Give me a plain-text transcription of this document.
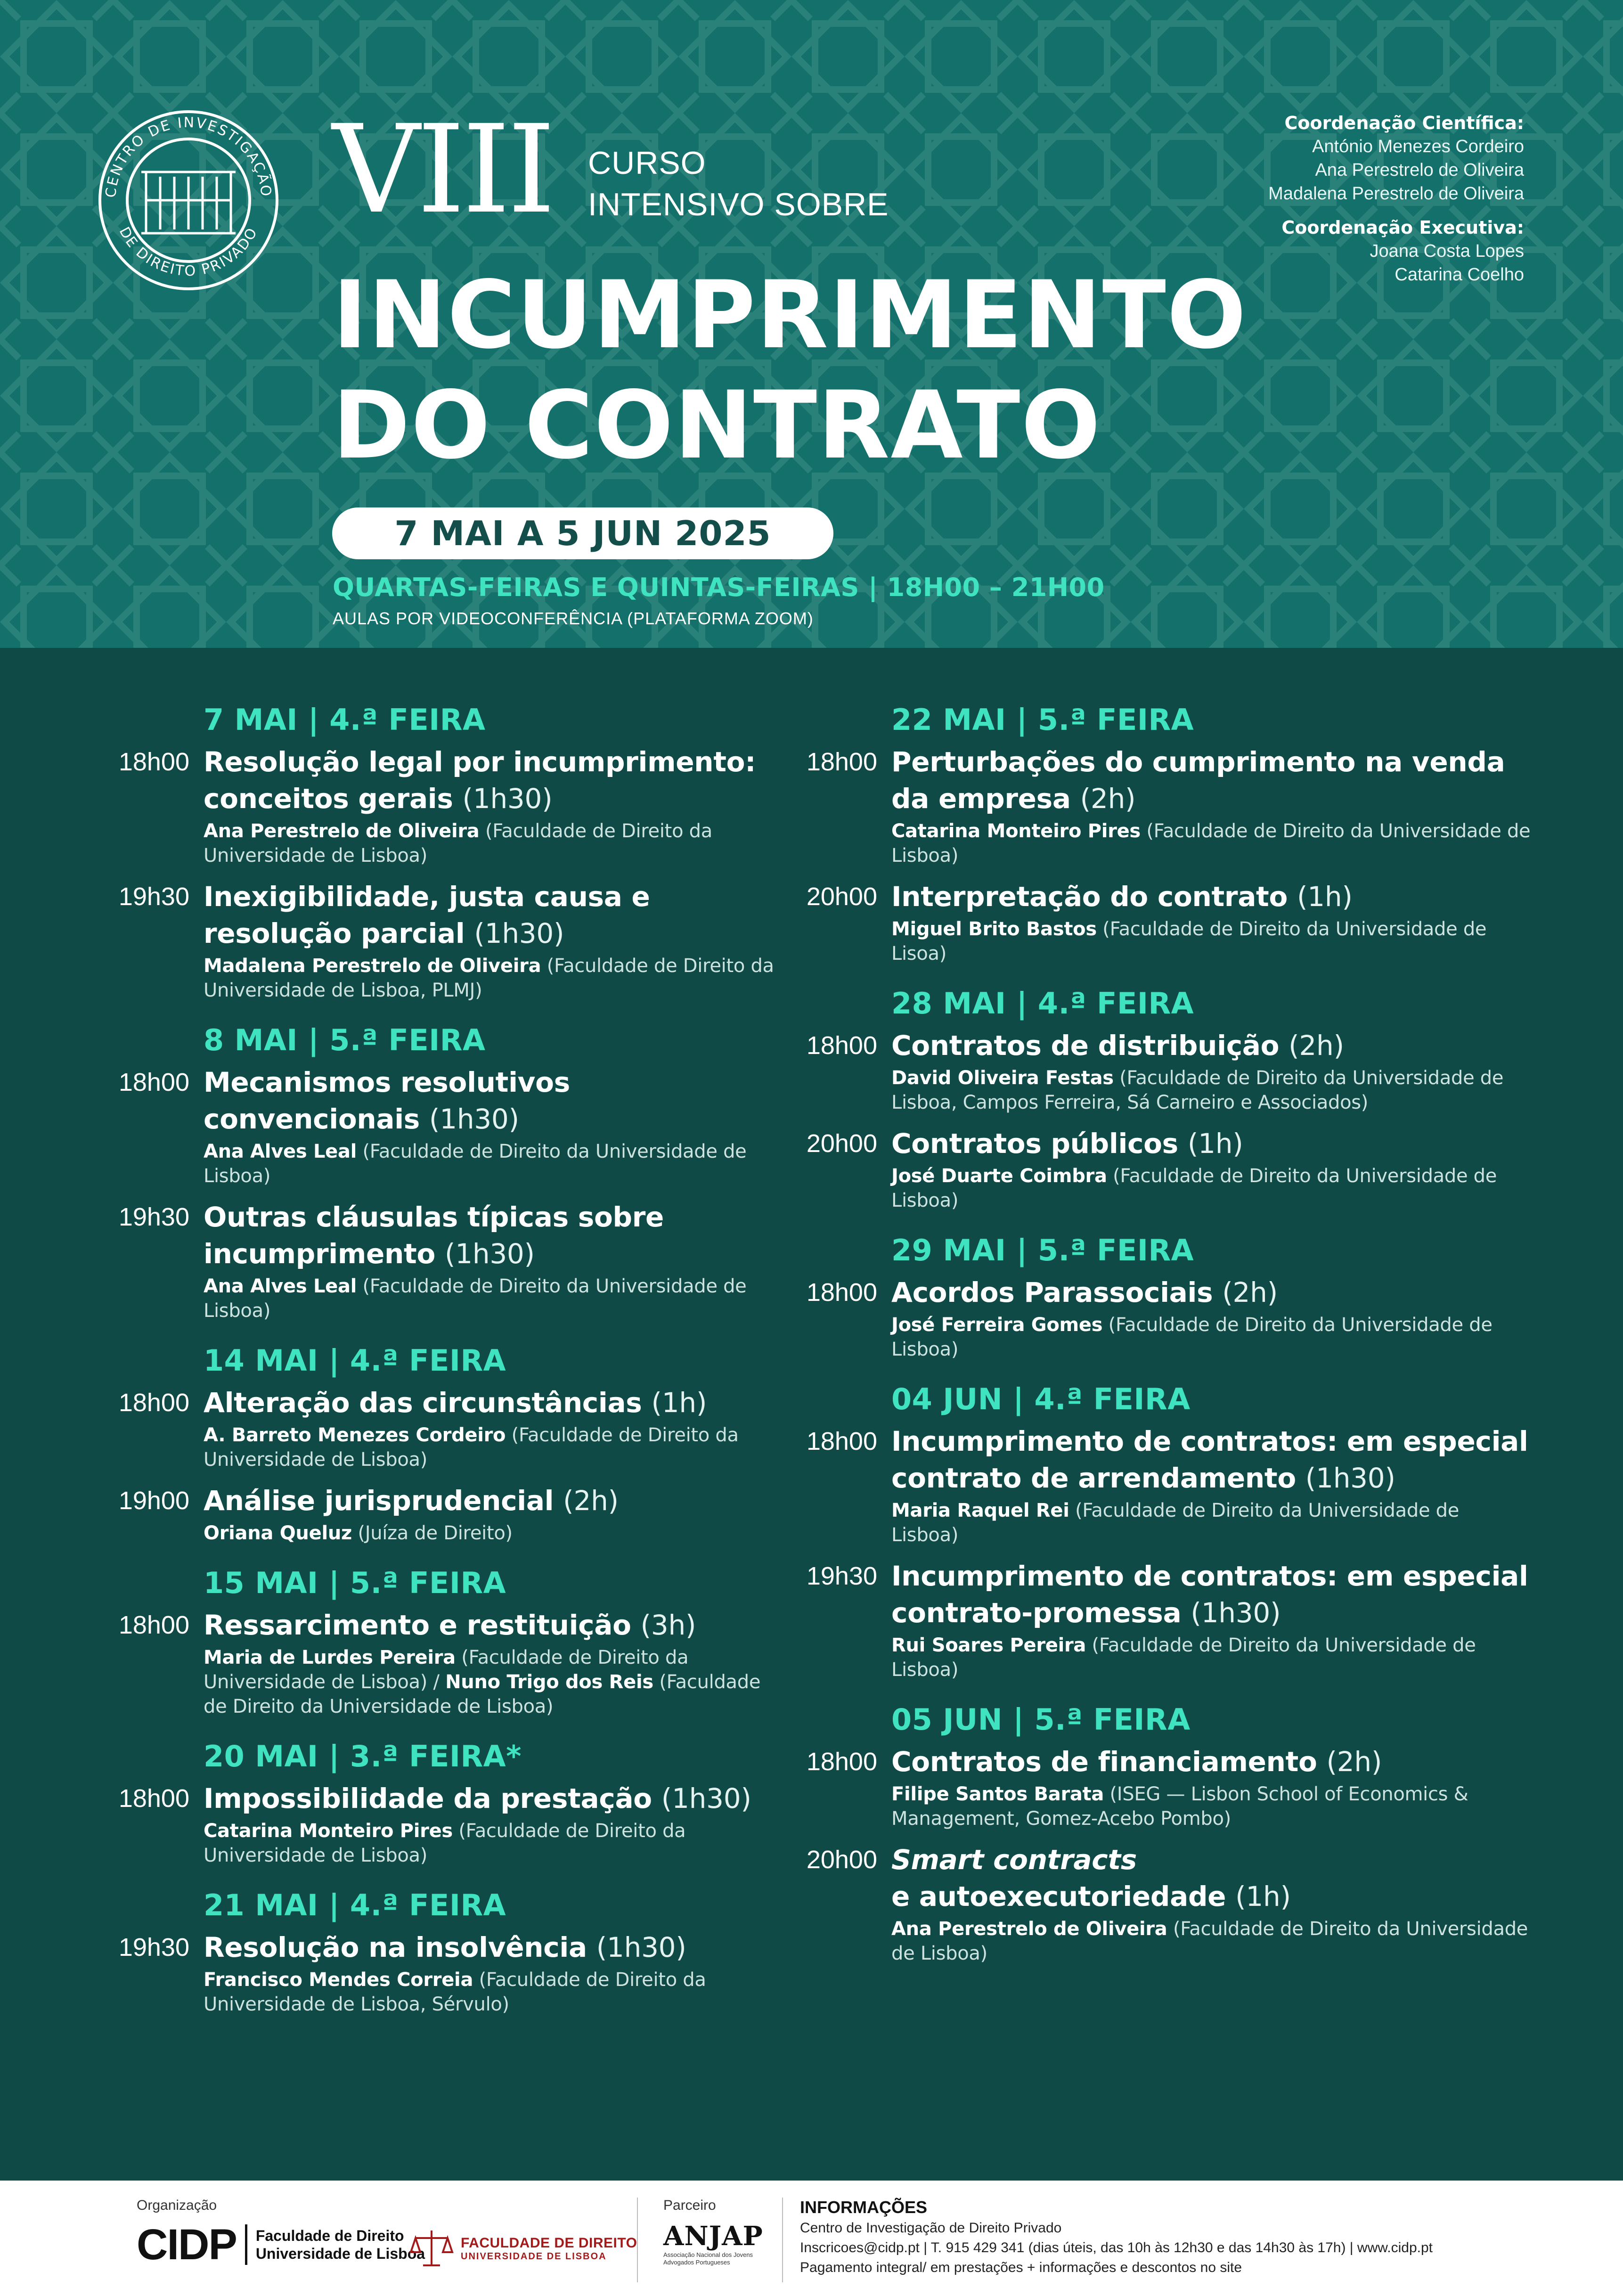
CENTRO DE INVESTIGAÇÃO
DE DIREITO PRIVADO VIII CURSO
INTENSIVO SOBRE
INCUMPRIMENTO
DO CONTRATO
7 MAI A 5 JUN 2025
QUARTAS-FEIRAS E QUINTAS-FEIRAS | 18H00 – 21H00
AULAS POR VIDEOCONFERÊNCIA (PLATAFORMA ZOOM)
Coordenação Científica:
António Menezes Cordeiro
Ana Perestrelo de Oliveira
Madalena Perestrelo de Oliveira
Coordenação Executiva:
Joana Costa Lopes
Catarina Coelho
7 MAI | 4.ª FEIRA
18h00 Resolução legal por incumprimento: conceitos gerais (1h30)
Ana Perestrelo de Oliveira (Faculdade de Direito da Universidade de Lisboa)
19h30 Inexigibilidade, justa causa e resolução parcial (1h30)
Madalena Perestrelo de Oliveira (Faculdade de Direito da Universidade de Lisboa, PLMJ)
8 MAI | 5.ª FEIRA
18h00 Mecanismos resolutivos convencionais (1h30)
Ana Alves Leal (Faculdade de Direito da Universidade de Lisboa)
19h30 Outras cláusulas típicas sobre incumprimento (1h30)
Ana Alves Leal (Faculdade de Direito da Universidade de Lisboa)
14 MAI | 4.ª FEIRA
18h00 Alteração das circunstâncias (1h)
A. Barreto Menezes Cordeiro (Faculdade de Direito da Universidade de Lisboa)
19h00 Análise jurisprudencial (2h)
Oriana Queluz (Juíza de Direito)
15 MAI | 5.ª FEIRA
18h00 Ressarcimento e restituição (3h)
Maria de Lurdes Pereira (Faculdade de Direito da Universidade de Lisboa) / Nuno Trigo dos Reis (Faculdade de Direito da Universidade de Lisboa)
20 MAI | 3.ª FEIRA*
18h00 Impossibilidade da prestação (1h30)
Catarina Monteiro Pires (Faculdade de Direito da Universidade de Lisboa)
21 MAI | 4.ª FEIRA
19h30 Resolução na insolvência (1h30)
Francisco Mendes Correia (Faculdade de Direito da Universidade de Lisboa, Sérvulo)
22 MAI | 5.ª FEIRA
18h00 Perturbações do cumprimento na venda da empresa (2h)
Catarina Monteiro Pires (Faculdade de Direito da Universidade de Lisboa)
20h00 Interpretação do contrato (1h)
Miguel Brito Bastos (Faculdade de Direito da Universidade de Lisoa)
28 MAI | 4.ª FEIRA
18h00 Contratos de distribuição (2h)
David Oliveira Festas (Faculdade de Direito da Universidade de Lisboa, Campos Ferreira, Sá Carneiro e Associados)
20h00 Contratos públicos (1h)
José Duarte Coimbra (Faculdade de Direito da Universidade de Lisboa)
29 MAI | 5.ª FEIRA
18h00 Acordos Parassociais (2h)
José Ferreira Gomes (Faculdade de Direito da Universidade de Lisboa)
04 JUN | 4.ª FEIRA
18h00 Incumprimento de contratos: em especial contrato de arrendamento (1h30)
Maria Raquel Rei (Faculdade de Direito da Universidade de Lisboa)
19h30 Incumprimento de contratos: em especial contrato-promessa (1h30)
Rui Soares Pereira (Faculdade de Direito da Universidade de Lisboa)
05 JUN | 5.ª FEIRA
18h00 Contratos de financiamento (2h)
Filipe Santos Barata (ISEG — Lisbon School of Economics & Management, Gomez-Acebo Pombo)
20h00 Smart contracts
e autoexecutoriedade (1h)
Ana Perestrelo de Oliveira (Faculdade de Direito da Universidade de Lisboa)
Organização
CIDP Faculdade de Direito
Universidade de Lisboa
FACULDADE DE DIREITO
UNIVERSIDADE DE LISBOA
Parceiro
ANJAP
Associação Nacional dos Jovens Advogados Portugueses
INFORMAÇÕES
Centro de Investigação de Direito Privado
Inscricoes@cidp.pt | T. 915 429 341 (dias úteis, das 10h às 12h30 e das 14h30 às 17h) | www.cidp.pt
Pagamento integral/ em prestações + informações e descontos no site
